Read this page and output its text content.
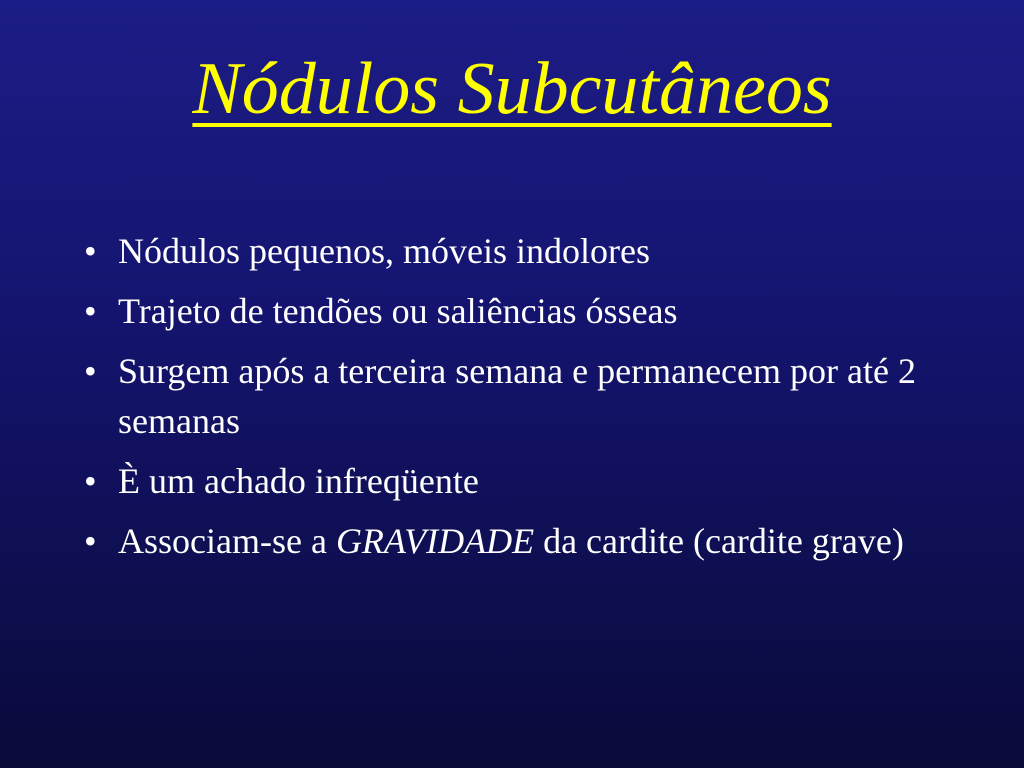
Nódulos Subcutâneos
• Nódulos pequenos, móveis indolores
• Trajeto de tendões ou saliências ósseas
• Surgem após a terceira semana e permanecem por até 2 semanas
• È um achado infreqüente
• Associam-se a GRAVIDADE da cardite (cardite grave)
